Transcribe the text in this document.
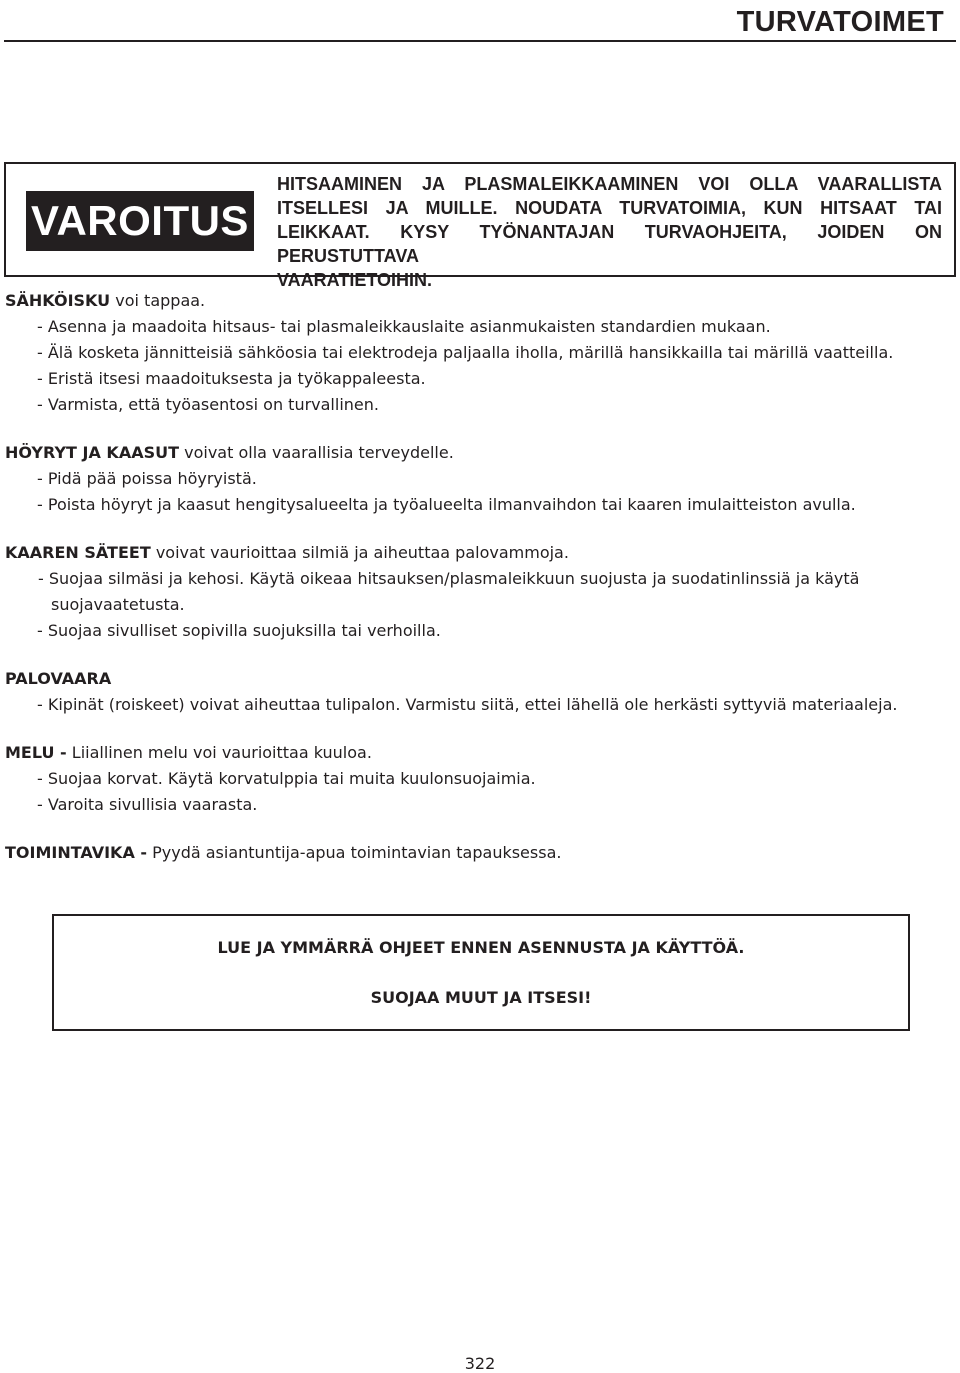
TURVATOIMET
VAROITUS
HITSAAMINEN JA PLASMALEIKKAAMINEN VOI OLLA VAARALLISTA ITSELLESI JA MUILLE. NOUDATA TURVATOIMIA, KUN HITSAAT TAI LEIKKAAT. KYSY TYÖNANTAJAN TURVAOHJEITA, JOIDEN ON PERUSTUTTAVA
VAARATIETOIHIN.
SÄHKÖISKU voi tappaa.
- Asenna ja maadoita hitsaus- tai plasmaleikkauslaite asianmukaisten standardien mukaan.
- Älä kosketa jännitteisiä sähköosia tai elektrodeja paljaalla iholla, märillä hansikkailla tai märillä vaatteilla.
- Eristä itsesi maadoituksesta ja työkappaleesta.
- Varmista, että työasentosi on turvallinen.
HÖYRYT JA KAASUT voivat olla vaarallisia terveydelle.
- Pidä pää poissa höyryistä.
- Poista höyryt ja kaasut hengitysalueelta ja työalueelta ilmanvaihdon tai kaaren imulaitteiston avulla.
KAAREN SÄTEET voivat vaurioittaa silmiä ja aiheuttaa palovammoja.
- Suojaa silmäsi ja kehosi. Käytä oikeaa hitsauksen/plasmaleikkuun suojusta ja suodatinlinssiä ja käytä suojavaatetusta.
- Suojaa sivulliset sopivilla suojuksilla tai verhoilla.
PALOVAARA
- Kipinät (roiskeet) voivat aiheuttaa tulipalon. Varmistu siitä, ettei lähellä ole herkästi syttyviä materiaaleja.
MELU - Liiallinen melu voi vaurioittaa kuuloa.
- Suojaa korvat. Käytä korvatulppia tai muita kuulonsuojaimia.
- Varoita sivullisia vaarasta.
TOIMINTAVIKA - Pyydä asiantuntija-apua toimintavian tapauksessa.
LUE JA YMMÄRRÄ OHJEET ENNEN ASENNUSTA JA KÄYTTÖÄ.
SUOJAA MUUT JA ITSESI!
322
